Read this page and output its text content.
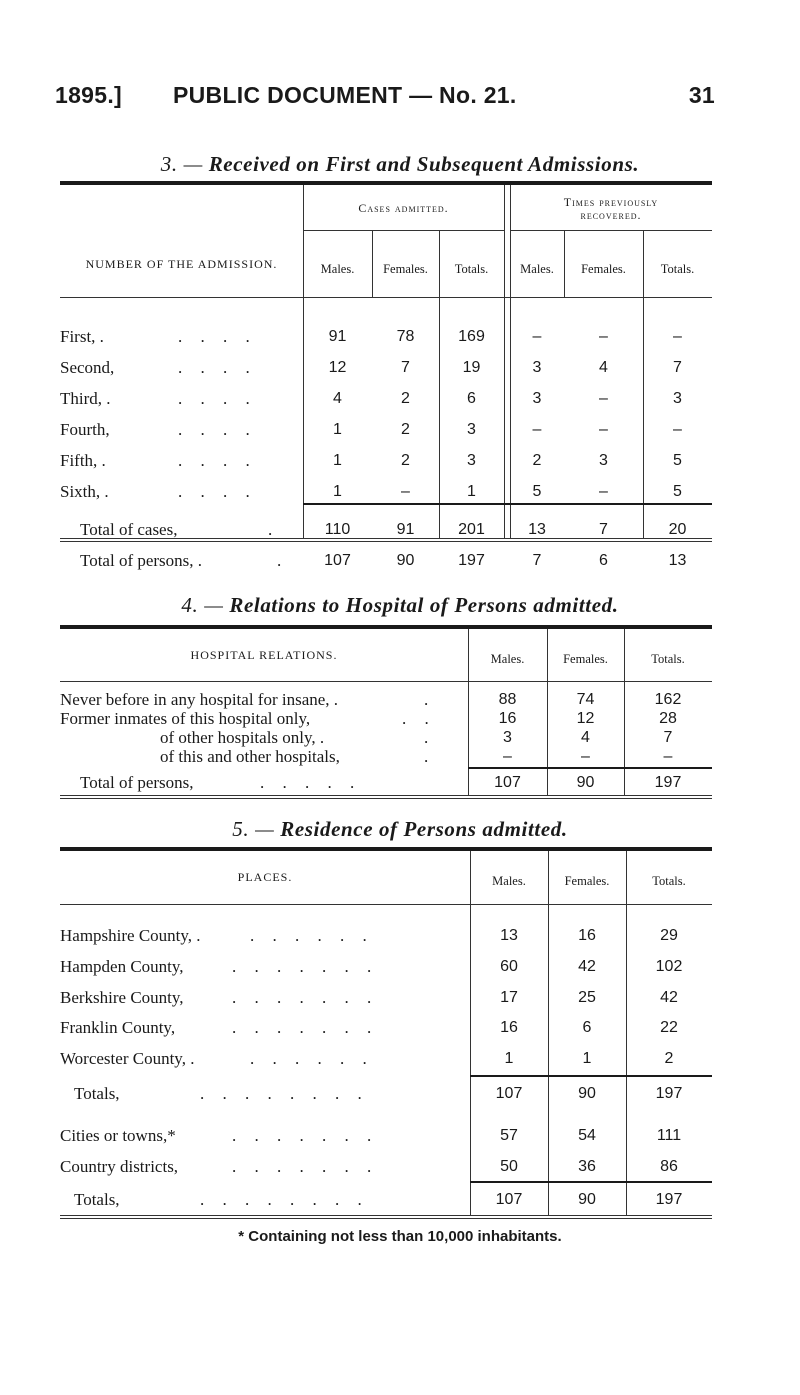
1895.] PUBLIC DOCUMENT — No. 21.	31
3. — Received on First and Subsequent Admissions.
NUMBER OF THE ADMISSION.
Cases admitted.	Times previously
recovered.
Males.	Females.	Totals.	Males.	Females.	Totals.
First, .	. . . .	91	78	169	–	–	–
Second,	. . . .	12	7	19	3	4	7
Third, .	. . . .	4	2	6	3	–	3
Fourth,	. . . .	1	2	3	–	–	–
Fifth, .	. . . .	1	2	3	2	3	5
Sixth, .	. . . .	1	–	1	5	–	5
Total of cases,	.	110	91	201	13	7	20
Total of persons, .	.	107	90	197	7	6	13
4. — Relations to Hospital of Persons admitted.
HOSPITAL RELATIONS.	Males.	Females.	Totals.
Never before in any hospital for insane, .	.	88	74	162
Former inmates of this hospital only,	. .	16	12	28
of other hospitals only, .	.	3	4	7
of this and other hospitals,	.	–	–	–
Total of persons,	. . . . .	107	90	197
5. — Residence of Persons admitted.
PLACES.	Males.	Females.	Totals.
Hampshire County, .	. . . . . .	13	16	29
Hampden County,	. . . . . . .	60	42	102
Berkshire County,	. . . . . . .	17	25	42
Franklin County,	. . . . . . .	16	6	22
Worcester County, .	. . . . . .	1	1	2
Totals,	. . . . . . . .	107	90	197
Cities or towns,*	. . . . . . .	57	54	111
Country districts,	. . . . . . .	50	36	86
Totals,	. . . . . . . .	107	90	197
* Containing not less than 10,000 inhabitants.
